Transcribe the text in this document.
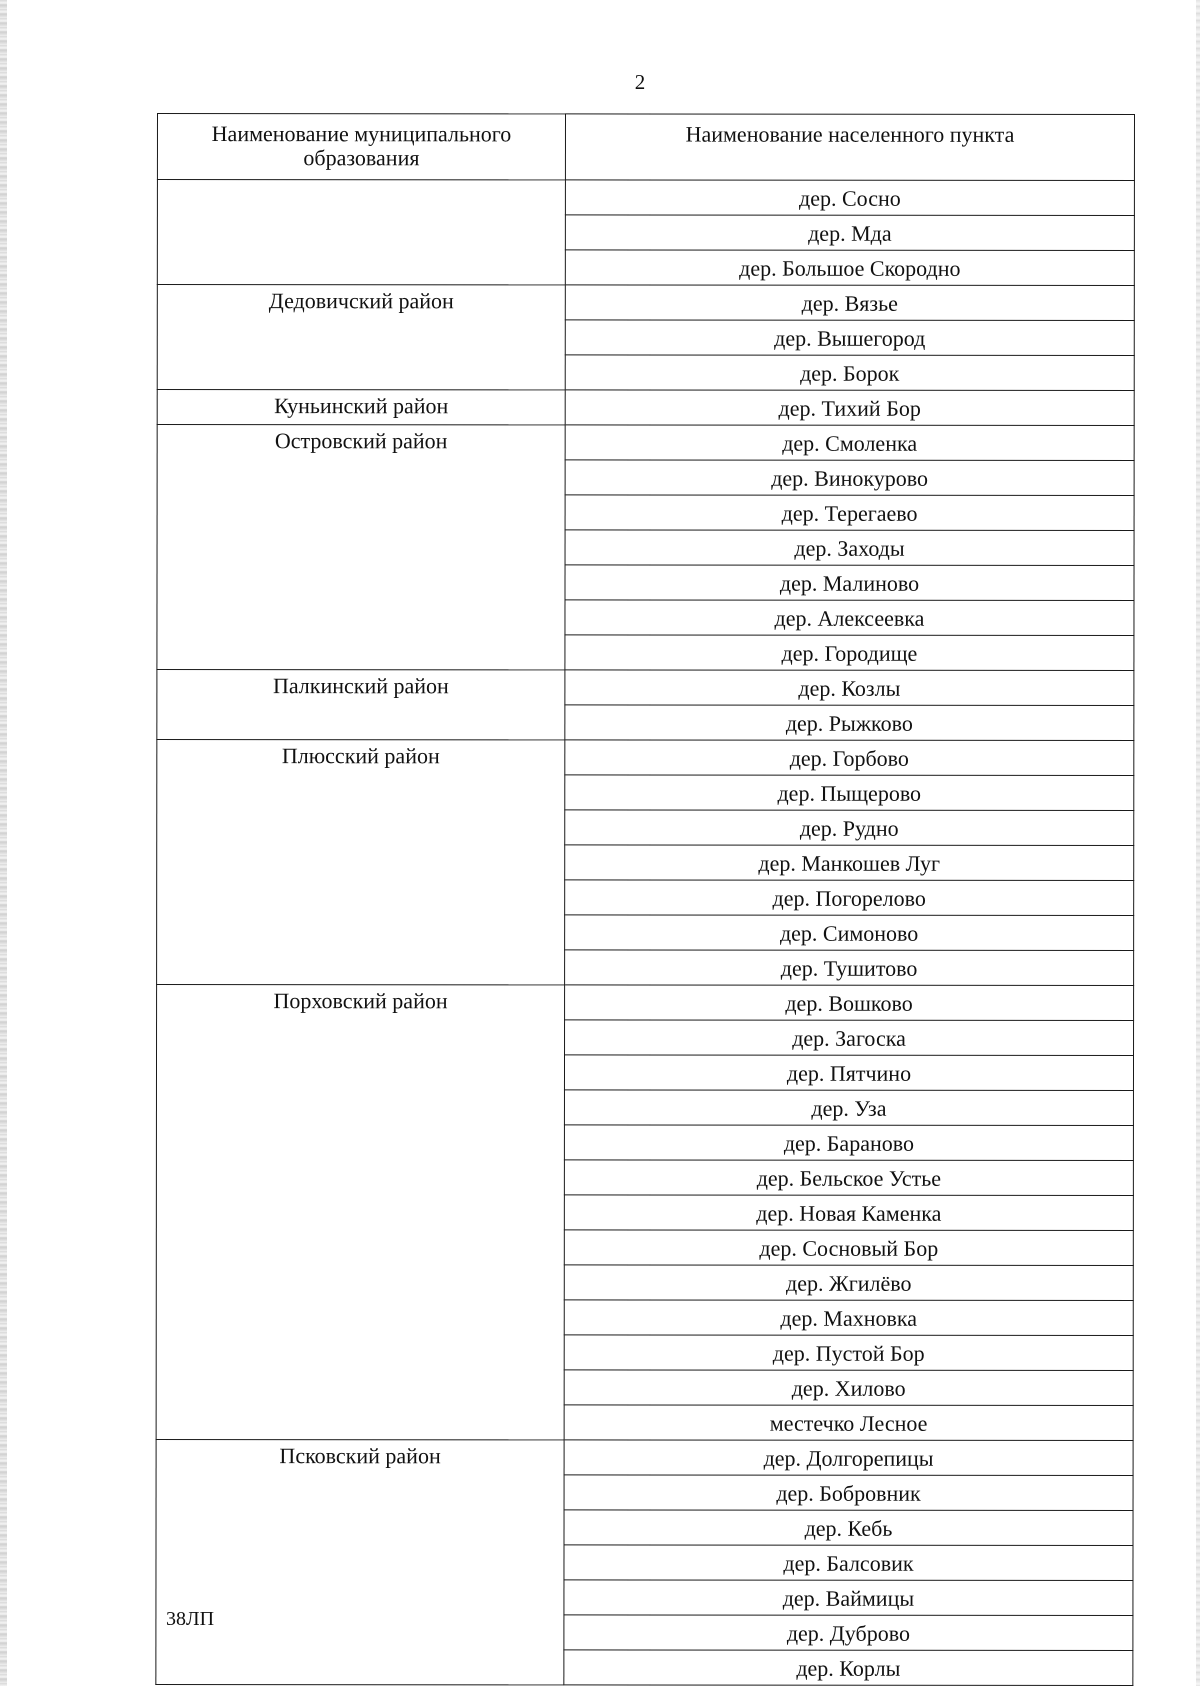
2
Наименование муниципального образования	Наименование населенного пункта
	дер. Сосно
	дер. Мда
	дер. Большое Скородно
Дедовичский район	дер. Вязье
	дер. Вышегород
	дер. Борок
Куньинский район	дер. Тихий Бор
Островский район	дер. Смоленка
	дер. Винокурово
	дер. Терегаево
	дер. Заходы
	дер. Малиново
	дер. Алексеевка
	дер. Городище
Палкинский район	дер. Козлы
	дер. Рыжково
Плюсский район	дер. Горбово
	дер. Пыщерово
	дер. Рудно
	дер. Манкошев Луг
	дер. Погорелово
	дер. Симоново
	дер. Тушитово
Порховский район	дер. Вошково
	дер. Загоска
	дер. Пятчино
	дер. Уза
	дер. Бараново
	дер. Бельское Устье
	дер. Новая Каменка
	дер. Сосновый Бор
	дер. Жгилёво
	дер. Махновка
	дер. Пустой Бор
	дер. Хилово
	местечко Лесное
Псковский район	дер. Долгорепицы
	дер. Бобровник
	дер. Кебь
	дер. Балсовик
	дер. Ваймицы
	дер. Дуброво
	дер. Корлы
38ЛП
